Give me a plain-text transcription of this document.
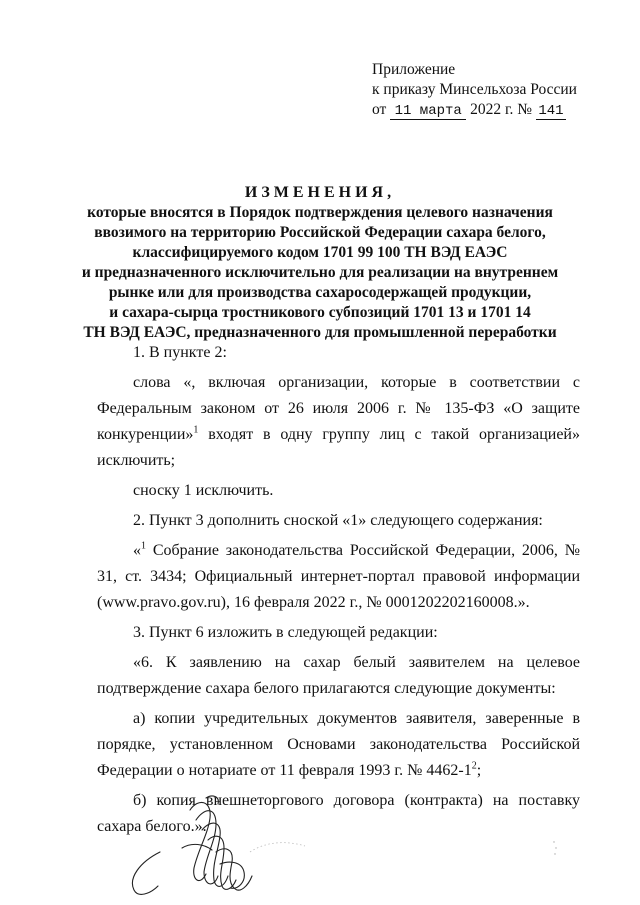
Приложение
к приказу Минсельхоза России
от 11 марта 2022 г. № 141
ИЗМЕНЕНИЯ,
которые вносятся в Порядок подтверждения целевого назначения
ввозимого на территорию Российской Федерации сахара белого,
классифицируемого кодом 1701 99 100 ТН ВЭД ЕАЭС
и предназначенного исключительно для реализации на внутреннем
рынке или для производства сахаросодержащей продукции,
и сахара-сырца тростникового субпозиций 1701 13 и 1701 14
ТН ВЭД ЕАЭС, предназначенного для промышленной переработки

1. В пункте 2:

слова «, включая организации, которые в соответствии с Федеральным законом от 26 июля 2006 г. № 135-ФЗ «О защите конкуренции»$^1$ входят в одну группу лиц с такой организацией» исключить;

сноску 1 исключить.

2. Пункт 3 дополнить сноской «1» следующего содержания:

«$^1$ Собрание законодательства Российской Федерации, 2006, № 31, ст. 3434; Официальный интернет-портал правовой информации (www.pravo.gov.ru), 16 февраля 2022 г., № 0001202202160008.».

3. Пункт 6 изложить в следующей редакции:

«6. К заявлению на сахар белый заявителем на целевое подтверждение сахара белого прилагаются следующие документы:

а) копии учредительных документов заявителя, заверенные в порядке, установленном Основами законодательства Российской Федерации о нотариате от 11 февраля 1993 г. № $4462-1^2$;

б) копия внешнеторгового договора (контракта) на поставку сахара белого.».
